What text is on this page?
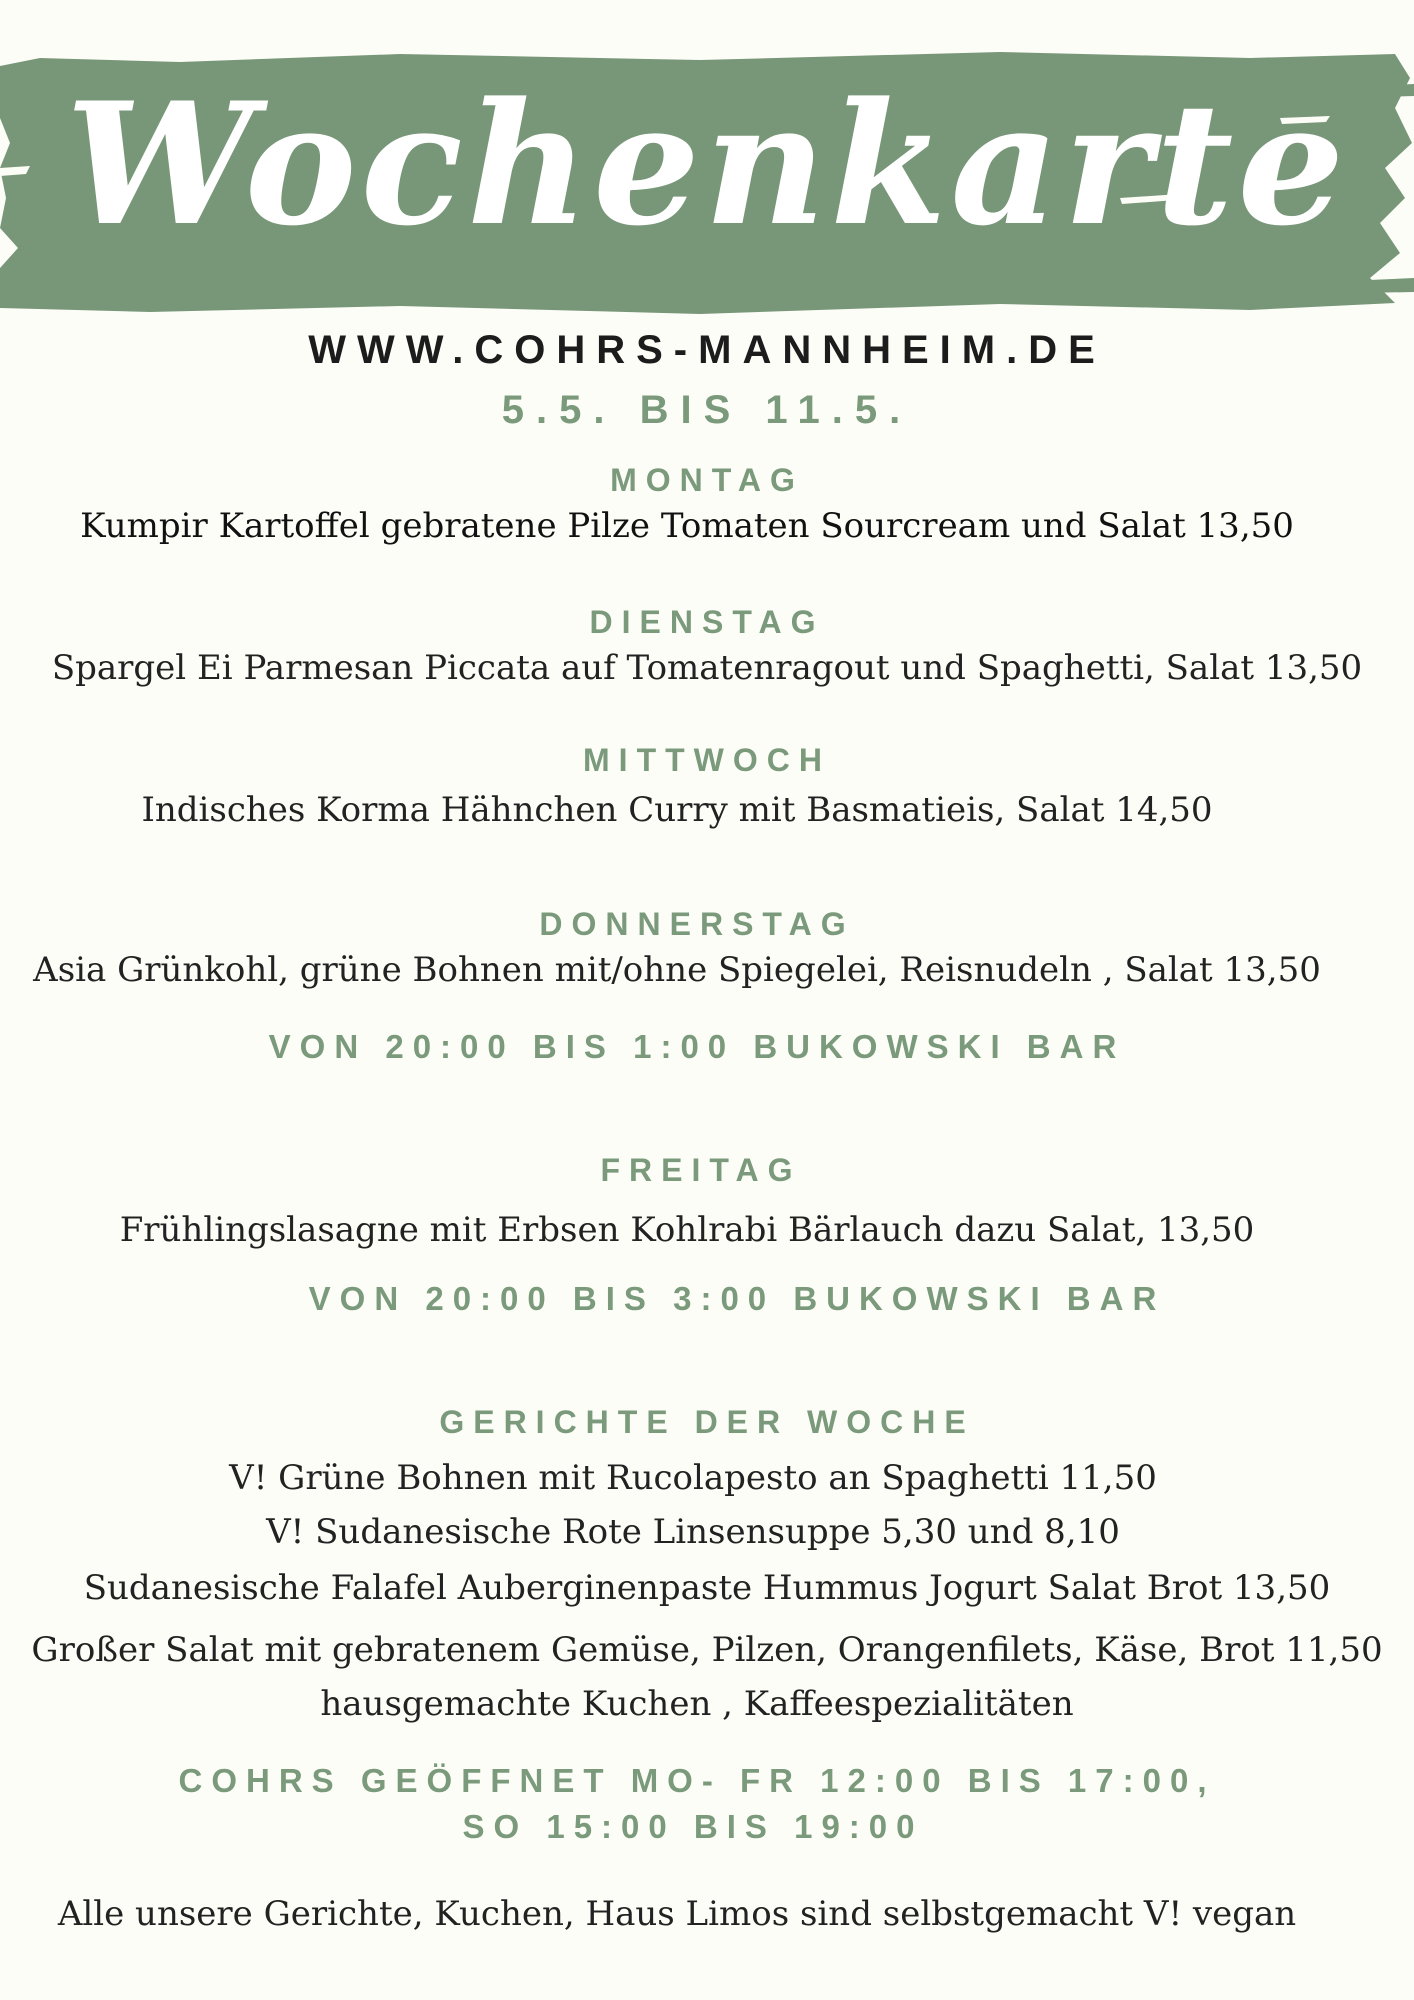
Wochenkarte
WWW.COHRS-MANNHEIM.DE
5.5. BIS 11.5.
MONTAG
Kumpir Kartoffel gebratene Pilze Tomaten Sourcream und Salat 13,50
DIENSTAG
Spargel Ei Parmesan Piccata auf Tomatenragout und Spaghetti, Salat 13,50
MITTWOCH
Indisches Korma Hähnchen Curry mit Basmatieis, Salat 14,50
DONNERSTAG
Asia Grünkohl, grüne Bohnen mit/ohne Spiegelei, Reisnudeln , Salat 13,50
VON 20:00 BIS 1:00 BUKOWSKI BAR
FREITAG
Frühlingslasagne mit Erbsen Kohlrabi Bärlauch dazu Salat, 13,50
VON 20:00 BIS 3:00 BUKOWSKI BAR
GERICHTE DER WOCHE
V! Grüne Bohnen mit Rucolapesto an Spaghetti 11,50
V! Sudanesische Rote Linsensuppe 5,30 und 8,10
Sudanesische Falafel Auberginenpaste Hummus Jogurt Salat Brot 13,50
Großer Salat mit gebratenem Gemüse, Pilzen, Orangenfilets, Käse, Brot 11,50
hausgemachte Kuchen , Kaffeespezialitäten
COHRS GEÖFFNET MO- FR 12:00 BIS 17:00,
SO 15:00 BIS 19:00
Alle unsere Gerichte, Kuchen, Haus Limos sind selbstgemacht V! vegan
